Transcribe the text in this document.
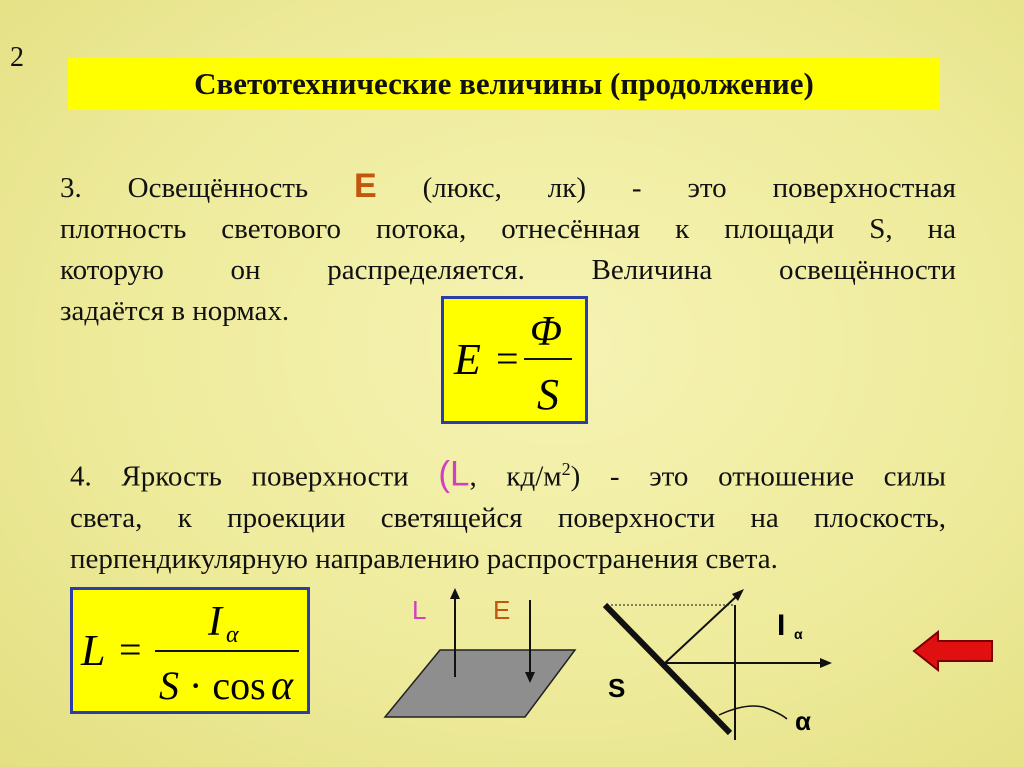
2
Светотехнические величины (продолжение)
3. Освещённость Е (люкс, лк) - это поверхностная
плотность светового потока, отнесённая к площади S, на
которую он распределяется. Величина освещённости
задаётся в нормах.
E =
Φ
S
4. Яркость поверхности (L, $кд/м^2$) - это отношение силы
света, к проекции светящейся поверхности на плоскость,
перпендикулярную направлению распространения света.
L =
I α
S · cos α
L	E	I α
S
α
